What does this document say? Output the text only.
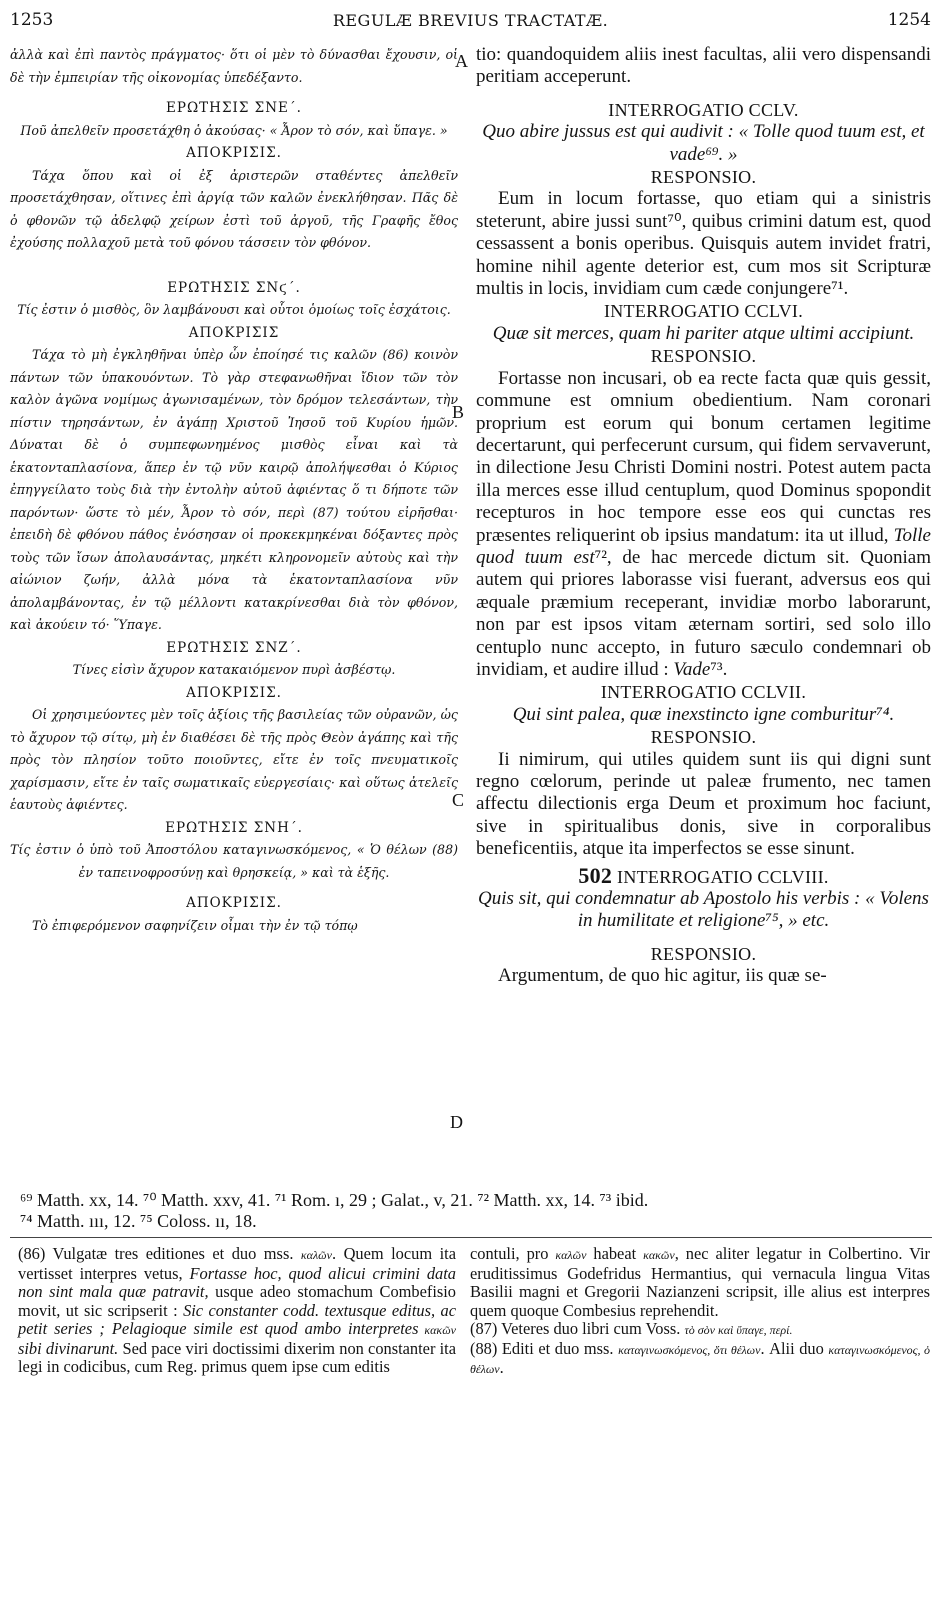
1253	REGULÆ BREVIUS TRACTATÆ.	1254
A
B
C
D

ἀλλὰ καὶ ἐπὶ παντὸς πράγματος· ὅτι οἱ μὲν τὸ δύνασθαι ἔχουσιν, οἱ δὲ τὴν ἐμπειρίαν τῆς οἰκονομίας ὑπεδέξαντο.

ΕΡΩΤΗΣΙΣ ΣΝΕ΄.

Ποῦ ἀπελθεῖν προσετάχθη ὁ ἀκούσας· « Ἆρον τὸ σόν, καὶ ὕπαγε. »

ΑΠΟΚΡΙΣΙΣ.

Τάχα ὅπου καὶ οἱ ἐξ ἀριστερῶν σταθέντες ἀπελθεῖν προσετάχθησαν, οἵτινες ἐπὶ ἀργίᾳ τῶν καλῶν ἐνεκλήθησαν. Πᾶς δὲ ὁ φθονῶν τῷ ἀδελφῷ χείρων ἐστὶ τοῦ ἀργοῦ, τῆς Γραφῆς ἔθος ἐχούσης πολλαχοῦ μετὰ τοῦ φόνου τάσσειν τὸν φθόνον.

ΕΡΩΤΗΣΙΣ ΣΝϛ΄.

Τίς ἐστιν ὁ μισθὸς, ὃν λαμβάνουσι καὶ οὗτοι ὁμοίως τοῖς ἐσχάτοις.

ΑΠΟΚΡΙΣΙΣ

Τάχα τὸ μὴ ἐγκληθῆναι ὑπὲρ ὧν ἐποίησέ τις καλῶν (86) κοινὸν πάντων τῶν ὑπακουόντων. Τὸ γὰρ στεφανωθῆναι ἴδιον τῶν τὸν καλὸν ἀγῶνα νομίμως ἀγωνισαμένων, τὸν δρόμον τελεσάντων, τὴν πίστιν τηρησάντων, ἐν ἀγάπῃ Χριστοῦ Ἰησοῦ τοῦ Κυρίου ἡμῶν. Δύναται δὲ ὁ συμπεφωνημένος μισθὸς εἶναι καὶ τὰ ἑκατονταπλασίονα, ἅπερ ἐν τῷ νῦν καιρῷ ἀπολήψεσθαι ὁ Κύριος ἐπηγγείλατο τοὺς διὰ τὴν ἐντολὴν αὐτοῦ ἀφιέντας ὅ τι δήποτε τῶν παρόντων· ὥστε τὸ μέν, Ἆρον τὸ σόν, περὶ (87) τούτου εἰρῆσθαι· ἐπειδὴ δὲ φθόνου πάθος ἐνόσησαν οἱ προκεκμηκέναι δόξαντες πρὸς τοὺς τῶν ἴσων ἀπολαυσάντας, μηκέτι κληρονομεῖν αὐτοὺς καὶ τὴν αἰώνιον ζωήν, ἀλλὰ μόνα τὰ ἑκατονταπλασίονα νῦν ἀπολαμβάνοντας, ἐν τῷ μέλλοντι κατακρίνεσθαι διὰ τὸν φθόνον, καὶ ἀκούειν τό· Ὕπαγε.

ΕΡΩΤΗΣΙΣ ΣΝΖ΄.

Τίνες εἰσὶν ἄχυρον κατακαιόμενον πυρὶ ἀσβέστῳ.

ΑΠΟΚΡΙΣΙΣ.

Οἱ χρησιμεύοντες μὲν τοῖς ἀξίοις τῆς βασιλείας τῶν οὐρανῶν, ὡς τὸ ἄχυρον τῷ σίτῳ, μὴ ἐν διαθέσει δὲ τῆς πρὸς Θεὸν ἀγάπης καὶ τῆς πρὸς τὸν πλησίον τοῦτο ποιοῦντες, εἴτε ἐν τοῖς πνευματικοῖς χαρίσμασιν, εἴτε ἐν ταῖς σωματικαῖς εὐεργεσίαις· καὶ οὕτως ἀτελεῖς ἑαυτοὺς ἀφιέντες.

ΕΡΩΤΗΣΙΣ ΣΝΗ΄.

Τίς ἐστιν ὁ ὑπὸ τοῦ Ἀποστόλου καταγινωσκόμενος, « Ὁ θέλων (88) ἐν ταπεινοφροσύνῃ καὶ θρησκείᾳ, » καὶ τὰ ἑξῆς.

ΑΠΟΚΡΙΣΙΣ.

Τὸ ἐπιφερόμενον σαφηνίζειν οἶμαι τὴν ἐν τῷ τόπῳ

tio: quandoquidem aliis inest facultas, alii vero dispensandi peritiam acceperunt.

INTERROGATIO CCLV.

Quo abire jussus est qui audivit : « Tolle quod tuum est, et vade⁶⁹. »

RESPONSIO.

Eum in locum fortasse, quo etiam qui a sinistris steterunt, abire jussi sunt⁷⁰, quibus crimini datum est, quod cessassent a bonis operibus. Quisquis autem invidet fratri, homine nihil agente deterior est, cum mos sit Scripturæ multis in locis, invidiam cum cæde conjungere⁷¹.

INTERROGATIO CCLVI.

Quæ sit merces, quam hi pariter atque ultimi accipiunt.

RESPONSIO.

Fortasse non incusari, ob ea recte facta quæ quis gessit, commune est omnium obedientium. Nam coronari proprium est eorum qui bonum certamen legitime decertarunt, qui perfecerunt cursum, qui fidem servaverunt, in dilectione Jesu Christi Domini nostri. Potest autem pacta illa merces esse illud centuplum, quod Dominus spopondit recepturos in hoc tempore esse eos qui cunctas res præsentes reliquerint ob ipsius mandatum: ita ut illud, Tolle quod tuum est⁷², de hac mercede dictum sit. Quoniam autem qui priores laborasse visi fuerant, adversus eos qui æquale præmium receperant, invidiæ morbo laborarunt, non par est ipsos vitam æternam sortiri, sed solo illo centuplo nunc accepto, in futuro sæculo condemnari ob invidiam, et audire illud : Vade⁷³.

INTERROGATIO CCLVII.

Qui sint palea, quæ inexstincto igne comburitur⁷⁴.

RESPONSIO.

Ii nimirum, qui utiles quidem sunt iis qui digni sunt regno cœlorum, perinde ut paleæ frumento, nec tamen affectu dilectionis erga Deum et proximum hoc faciunt, sive in spiritualibus donis, sive in corporalibus beneficentiis, atque ita imperfectos se esse sinunt.

502 INTERROGATIO CCLVIII.

Quis sit, qui condemnatur ab Apostolo his verbis : « Volens in humilitate et religione⁷⁵, » etc.

RESPONSIO.

Argumentum, de quo hic agitur, iis quæ se-

⁶⁹ Matth. xx, 14. ⁷⁰ Matth. xxv, 41. ⁷¹ Rom. ı, 29 ; Galat., v, 21. ⁷² Matth. xx, 14. ⁷³ ibid.
⁷⁴ Matth. ııı, 12. ⁷⁵ Coloss. ıı, 18.

(86) Vulgatæ tres editiones et duo mss. καλῶν. Quem locum ita vertisset interpres vetus, Fortasse hoc, quod alicui crimini data non sint mala quæ patravit, usque adeo stomachum Combefisio movit, ut sic scripserit : Sic constanter codd. textusque editus, ac petit series ; Pelagioque simile est quod ambo interpretes κακῶν sibi divinarunt. Sed pace viri doctissimi dixerim non constanter ita legi in codicibus, cum Reg. primus quem ipse cum editis

contuli, pro καλῶν habeat κακῶν, nec aliter legatur in Colbertino. Vir eruditissimus Godefridus Hermantius, qui vernacula lingua Vitas Basilii magni et Gregorii Nazianzeni scripsit, ille alius est interpres quem quoque Combesius reprehendit.

(87) Veteres duo libri cum Voss. τὸ σὸν καὶ ὕπαγε, περί.

(88) Editi et duo mss. καταγινωσκόμενος, ὅτι θέλων. Alii duo καταγινωσκόμενος, ὁ θέλων.
